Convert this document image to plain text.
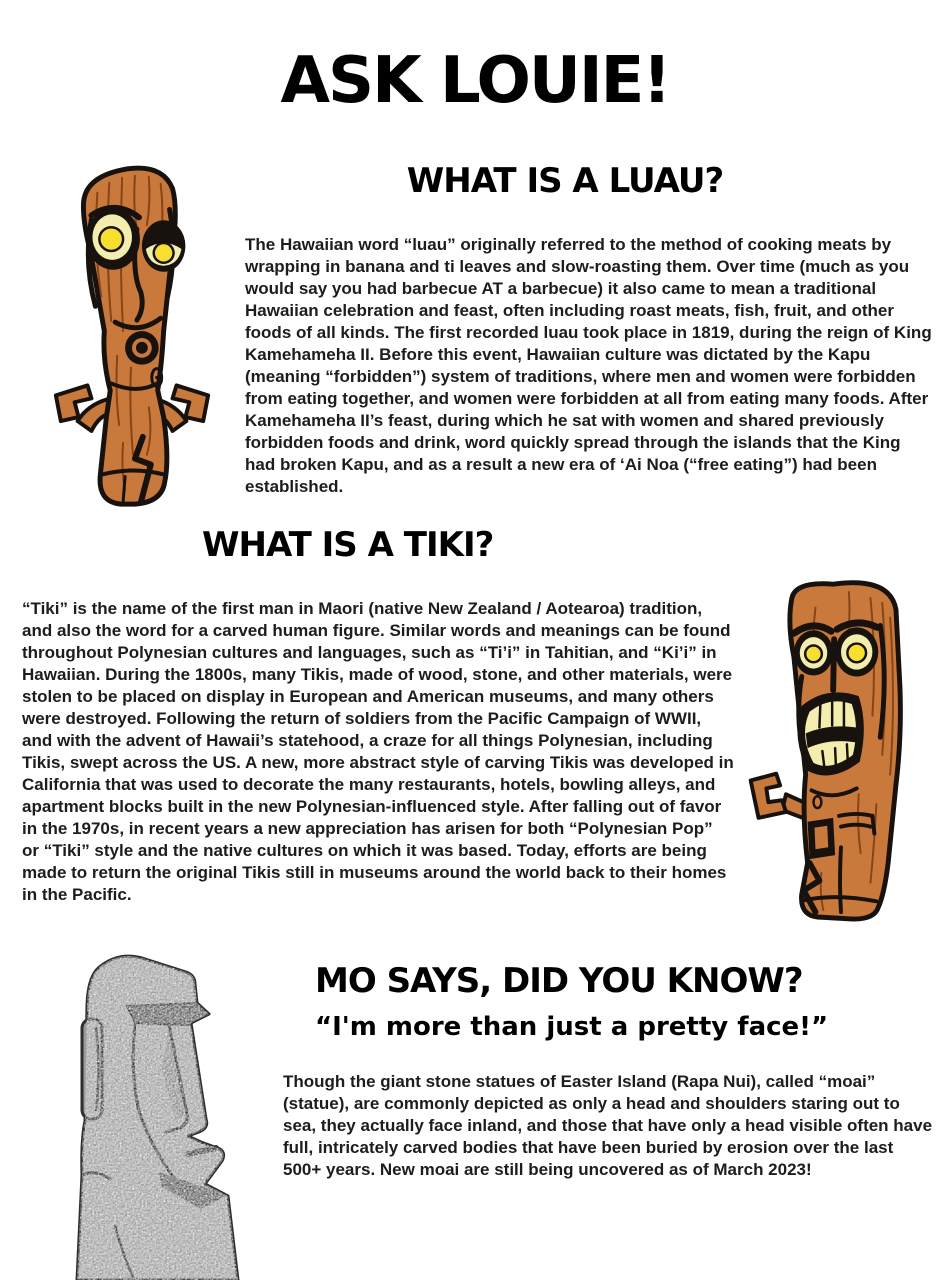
ASK LOUIE!
WHAT IS A LUAU?

The Hawaiian word “luau” originally referred to the method of cooking meats by wrapping in banana and ti leaves and slow-roasting them. Over time (much as you would say you had barbecue AT a barbecue) it also came to mean a traditional Hawaiian celebration and feast, often including roast meats, fish, fruit, and other foods of all kinds. The first recorded luau took place in 1819, during the reign of King Kamehameha II. Before this event, Hawaiian culture was dictated by the Kapu (meaning “forbidden”) system of traditions, where men and women were forbidden from eating together, and women were forbidden at all from eating many foods. After Kamehameha II’s feast, during which he sat with women and shared previously forbidden foods and drink, word quickly spread through the islands that the King had broken Kapu, and as a result a new era of ‘Ai Noa (“free eating”) had been established.

WHAT IS A TIKI?

“Tiki” is the name of the first man in Maori (native New Zealand / Aotearoa) tradition, and also the word for a carved human figure. Similar words and meanings can be found throughout Polynesian cultures and languages, such as “Ti’i” in Tahitian, and “Ki’i” in Hawaiian. During the 1800s, many Tikis, made of wood, stone, and other materials, were stolen to be placed on display in European and American museums, and many others were destroyed. Following the return of soldiers from the Pacific Campaign of WWII, and with the advent of Hawaii’s statehood, a craze for all things Polynesian, including Tikis, swept across the US. A new, more abstract style of carving Tikis was developed in California that was used to decorate the many restaurants, hotels, bowling alleys, and apartment blocks built in the new Polynesian-influenced style. After falling out of favor in the 1970s, in recent years a new appreciation has arisen for both “Polynesian Pop” or “Tiki” style and the native cultures on which it was based. Today, efforts are being made to return the original Tikis still in museums around the world back to their homes in the Pacific.

MO SAYS, DID YOU KNOW?
“I'm more than just a pretty face!”

Though the giant stone statues of Easter Island (Rapa Nui), called “moai” (statue), are commonly depicted as only a head and shoulders staring out to sea, they actually face inland, and those that have only a head visible often have full, intricately carved bodies that have been buried by erosion over the last 500+ years. New moai are still being uncovered as of March 2023!
